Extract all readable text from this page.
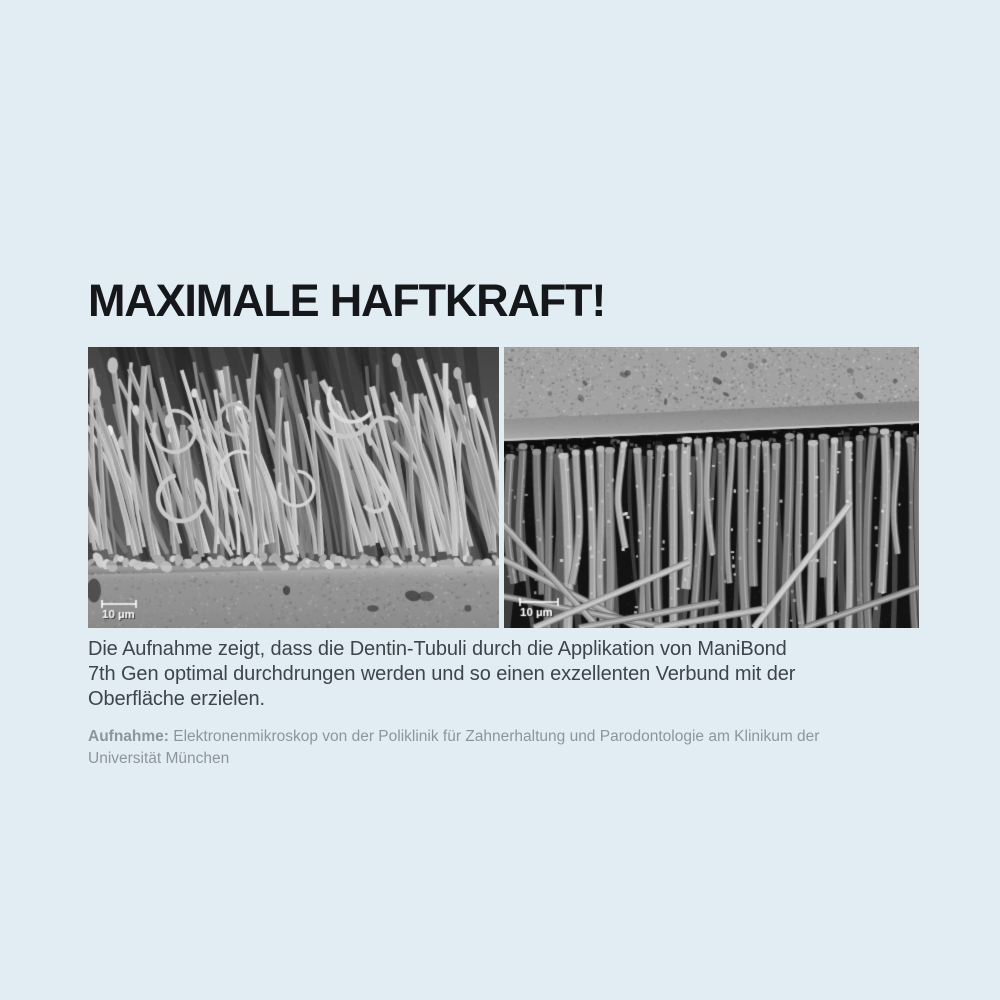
MAXIMALE HAFTKRAFT!

Die Aufnahme zeigt, dass die Dentin-Tubuli durch die Applikation von ManiBond
7th Gen optimal durchdrungen werden und so einen exzellenten Verbund mit der
Oberfläche erzielen.

Aufnahme: Elektronenmikroskop von der Poliklinik für Zahnerhaltung und Parodontologie am Klinikum der
Universität München
